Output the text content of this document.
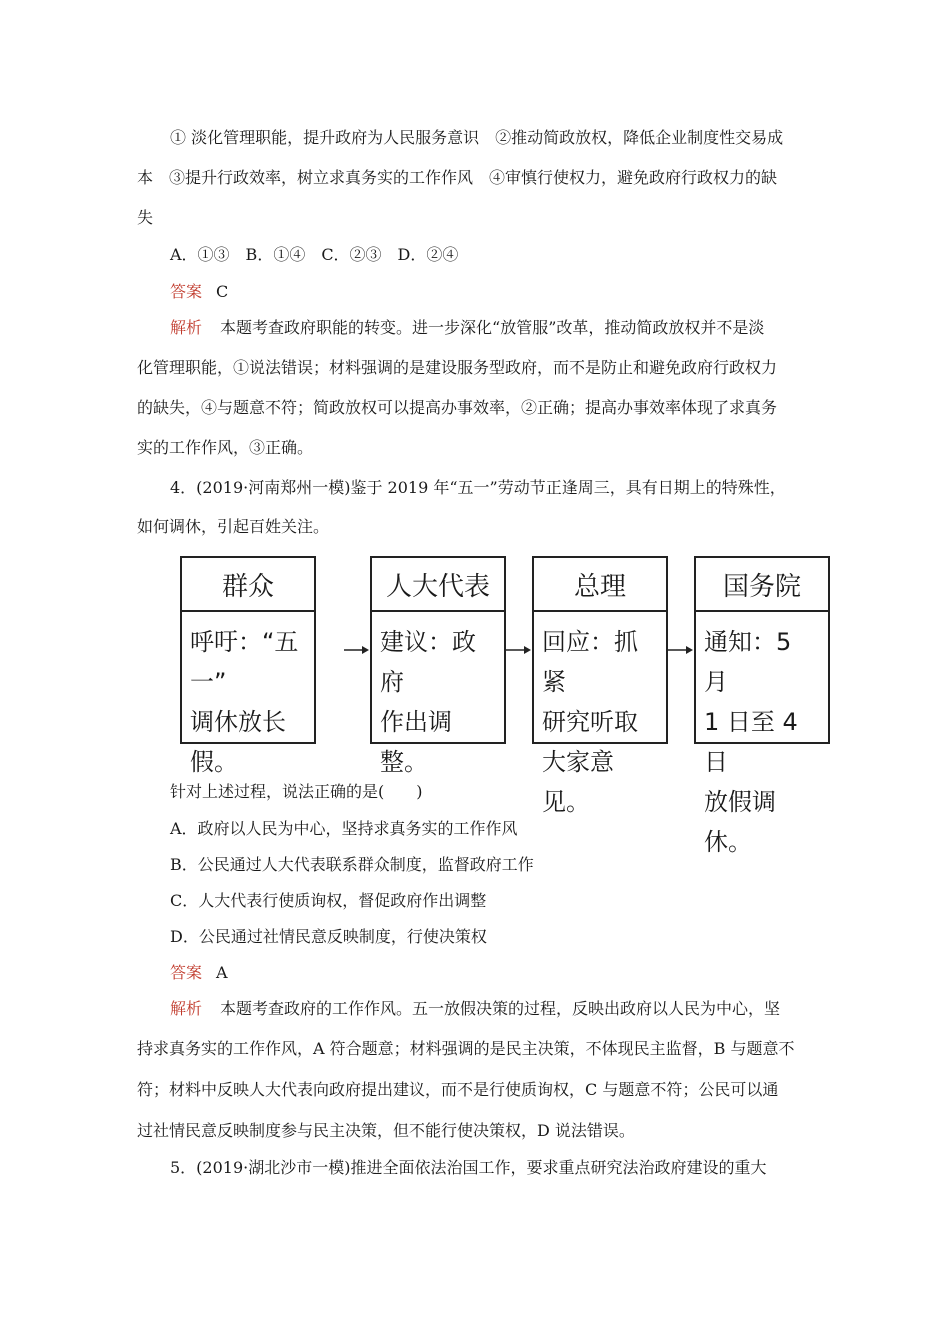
① 淡化管理职能，提升政府为人民服务意识　②推动简政放权，降低企业制度性交易成
本　③提升行政效率，树立求真务实的工作作风　④审慎行使权力，避免政府行政权力的缺
失
A．①③　B．①④　C．②③　D．②④
答案 C
解析 本题考查政府职能的转变。进一步深化“放管服”改革，推动简政放权并不是淡
化管理职能，①说法错误；材料强调的是建设服务型政府，而不是防止和避免政府行政权力
的缺失，④与题意不符；简政放权可以提高办事效率，②正确；提高办事效率体现了求真务
实的工作作风，③正确。
4．(2019·河南郑州一模)鉴于 2019 年“五一”劳动节正逢周三，具有日期上的特殊性，
如何调休，引起百姓关注。
群众
呼吁：“五一”
调休放长假。
人大代表
建议：政府
作出调整。
总理
回应：抓紧
研究听取
大家意见。
国务院
通知：5 月
1 日至 4 日
放假调休。
针对上述过程，说法正确的是(　　)
A．政府以人民为中心，坚持求真务实的工作作风
B．公民通过人大代表联系群众制度，监督政府工作
C．人大代表行使质询权，督促政府作出调整
D．公民通过社情民意反映制度，行使决策权
答案 A
解析 本题考查政府的工作作风。五一放假决策的过程，反映出政府以人民为中心，坚
持求真务实的工作作风，A 符合题意；材料强调的是民主决策，不体现民主监督，B 与题意不
符；材料中反映人大代表向政府提出建议，而不是行使质询权，C 与题意不符；公民可以通
过社情民意反映制度参与民主决策，但不能行使决策权，D 说法错误。
5．(2019·湖北沙市一模)推进全面依法治国工作，要求重点研究法治政府建设的重大
